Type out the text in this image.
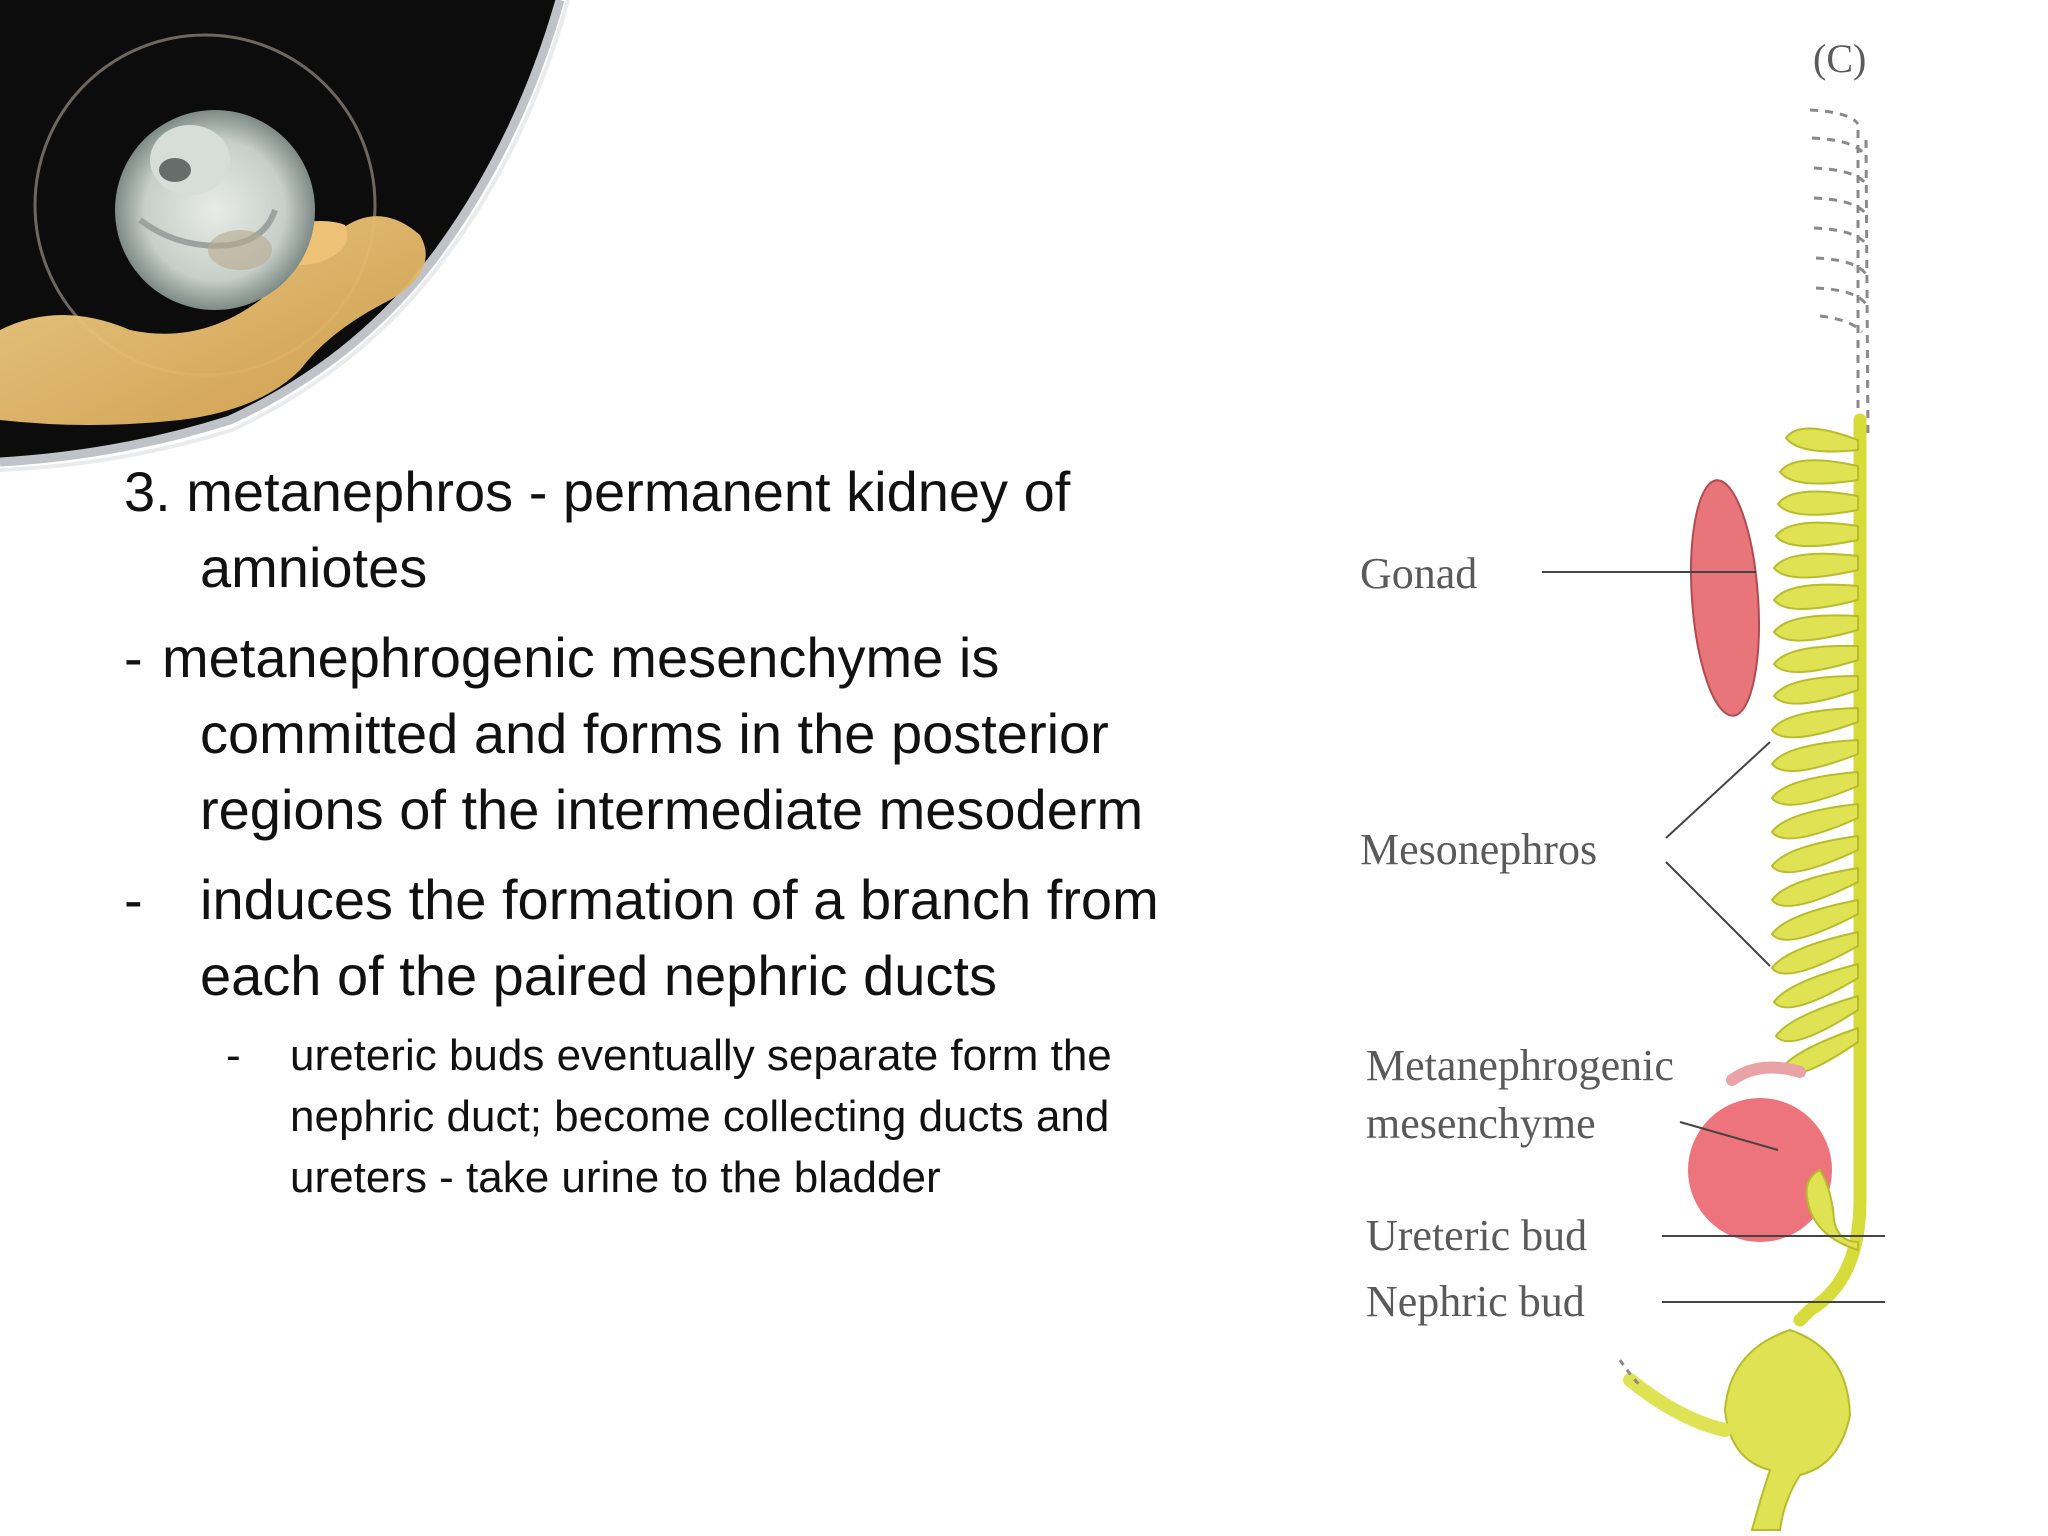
3. metanephros - permanent kidney of

amniotes

- metanephrogenic mesenchyme is

committed and forms in the posterior

regions of the intermediate mesoderm

- induces the formation of a branch from

each of the paired nephric ducts

- ureteric buds eventually separate form the

nephric duct; become collecting ducts and

ureters - take urine to the bladder

(C)
Gonad
Mesonephros
Metanephrogenic
mesenchyme
Ureteric bud
Nephric bud
